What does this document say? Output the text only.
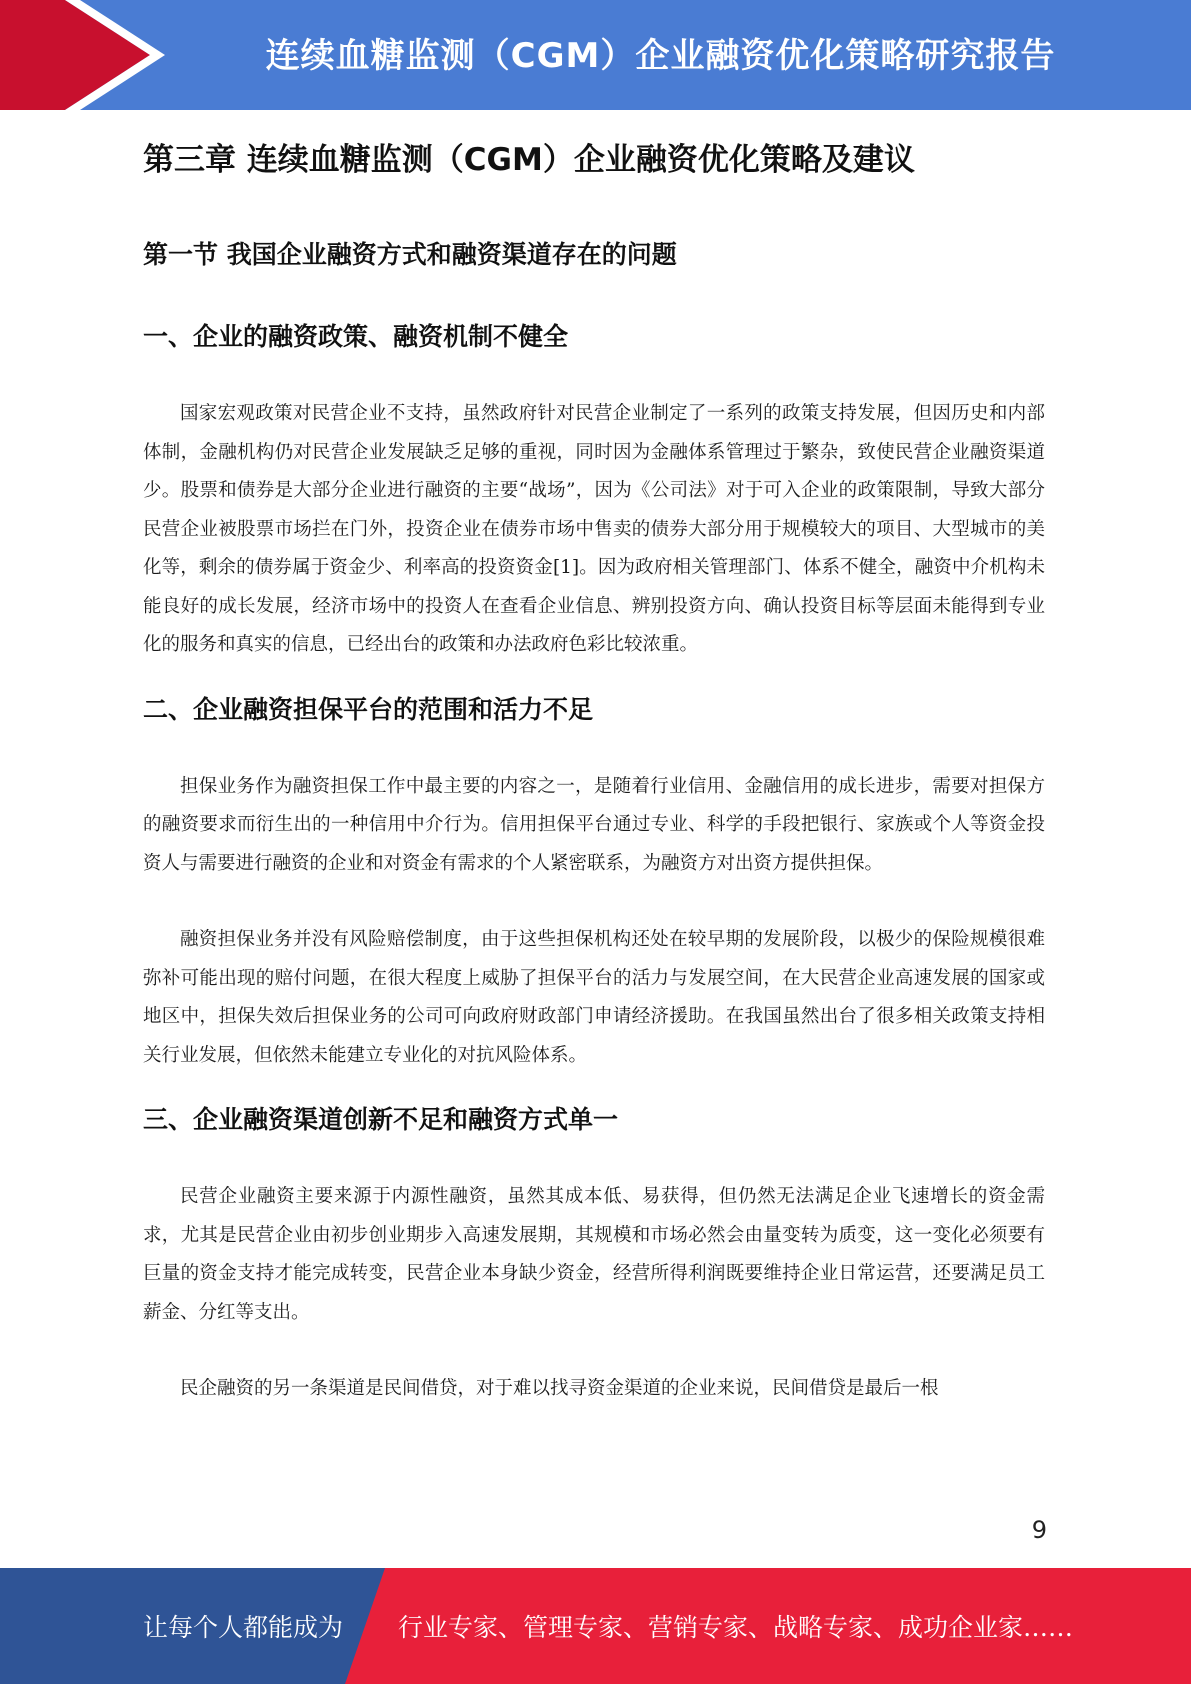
连续血糖监测（CGM）企业融资优化策略研究报告
第三章 连续血糖监测（CGM）企业融资优化策略及建议
第一节 我国企业融资方式和融资渠道存在的问题
一、企业的融资政策、融资机制不健全

国家宏观政策对民营企业不支持，虽然政府针对民营企业制定了一系列的政策支持发展，但因历史和内部体制，金融机构仍对民营企业发展缺乏足够的重视，同时因为金融体系管理过于繁杂，致使民营企业融资渠道少。股票和债券是大部分企业进行融资的主要“战场”，因为《公司法》对于可入企业的政策限制，导致大部分民营企业被股票市场拦在门外，投资企业在债券市场中售卖的债券大部分用于规模较大的项目、大型城市的美化等，剩余的债券属于资金少、利率高的投资资金[1]。因为政府相关管理部门、体系不健全，融资中介机构未能良好的成长发展，经济市场中的投资人在查看企业信息、辨别投资方向、确认投资目标等层面未能得到专业化的服务和真实的信息，已经出台的政策和办法政府色彩比较浓重。

二、企业融资担保平台的范围和活力不足

担保业务作为融资担保工作中最主要的内容之一，是随着行业信用、金融信用的成长进步，需要对担保方的融资要求而衍生出的一种信用中介行为。信用担保平台通过专业、科学的手段把银行、家族或个人等资金投资人与需要进行融资的企业和对资金有需求的个人紧密联系，为融资方对出资方提供担保。

融资担保业务并没有风险赔偿制度，由于这些担保机构还处在较早期的发展阶段，以极少的保险规模很难弥补可能出现的赔付问题，在很大程度上威胁了担保平台的活力与发展空间，在大民营企业高速发展的国家或地区中，担保失效后担保业务的公司可向政府财政部门申请经济援助。在我国虽然出台了很多相关政策支持相关行业发展，但依然未能建立专业化的对抗风险体系。

三、企业融资渠道创新不足和融资方式单一

民营企业融资主要来源于内源性融资，虽然其成本低、易获得，但仍然无法满足企业飞速增长的资金需求，尤其是民营企业由初步创业期步入高速发展期，其规模和市场必然会由量变转为质变，这一变化必须要有巨量的资金支持才能完成转变，民营企业本身缺少资金，经营所得利润既要维持企业日常运营，还要满足员工薪金、分红等支出。

民企融资的另一条渠道是民间借贷，对于难以找寻资金渠道的企业来说，民间借贷是最后一根

9
让每个人都能成为 行业专家、管理专家、营销专家、战略专家、成功企业家……
